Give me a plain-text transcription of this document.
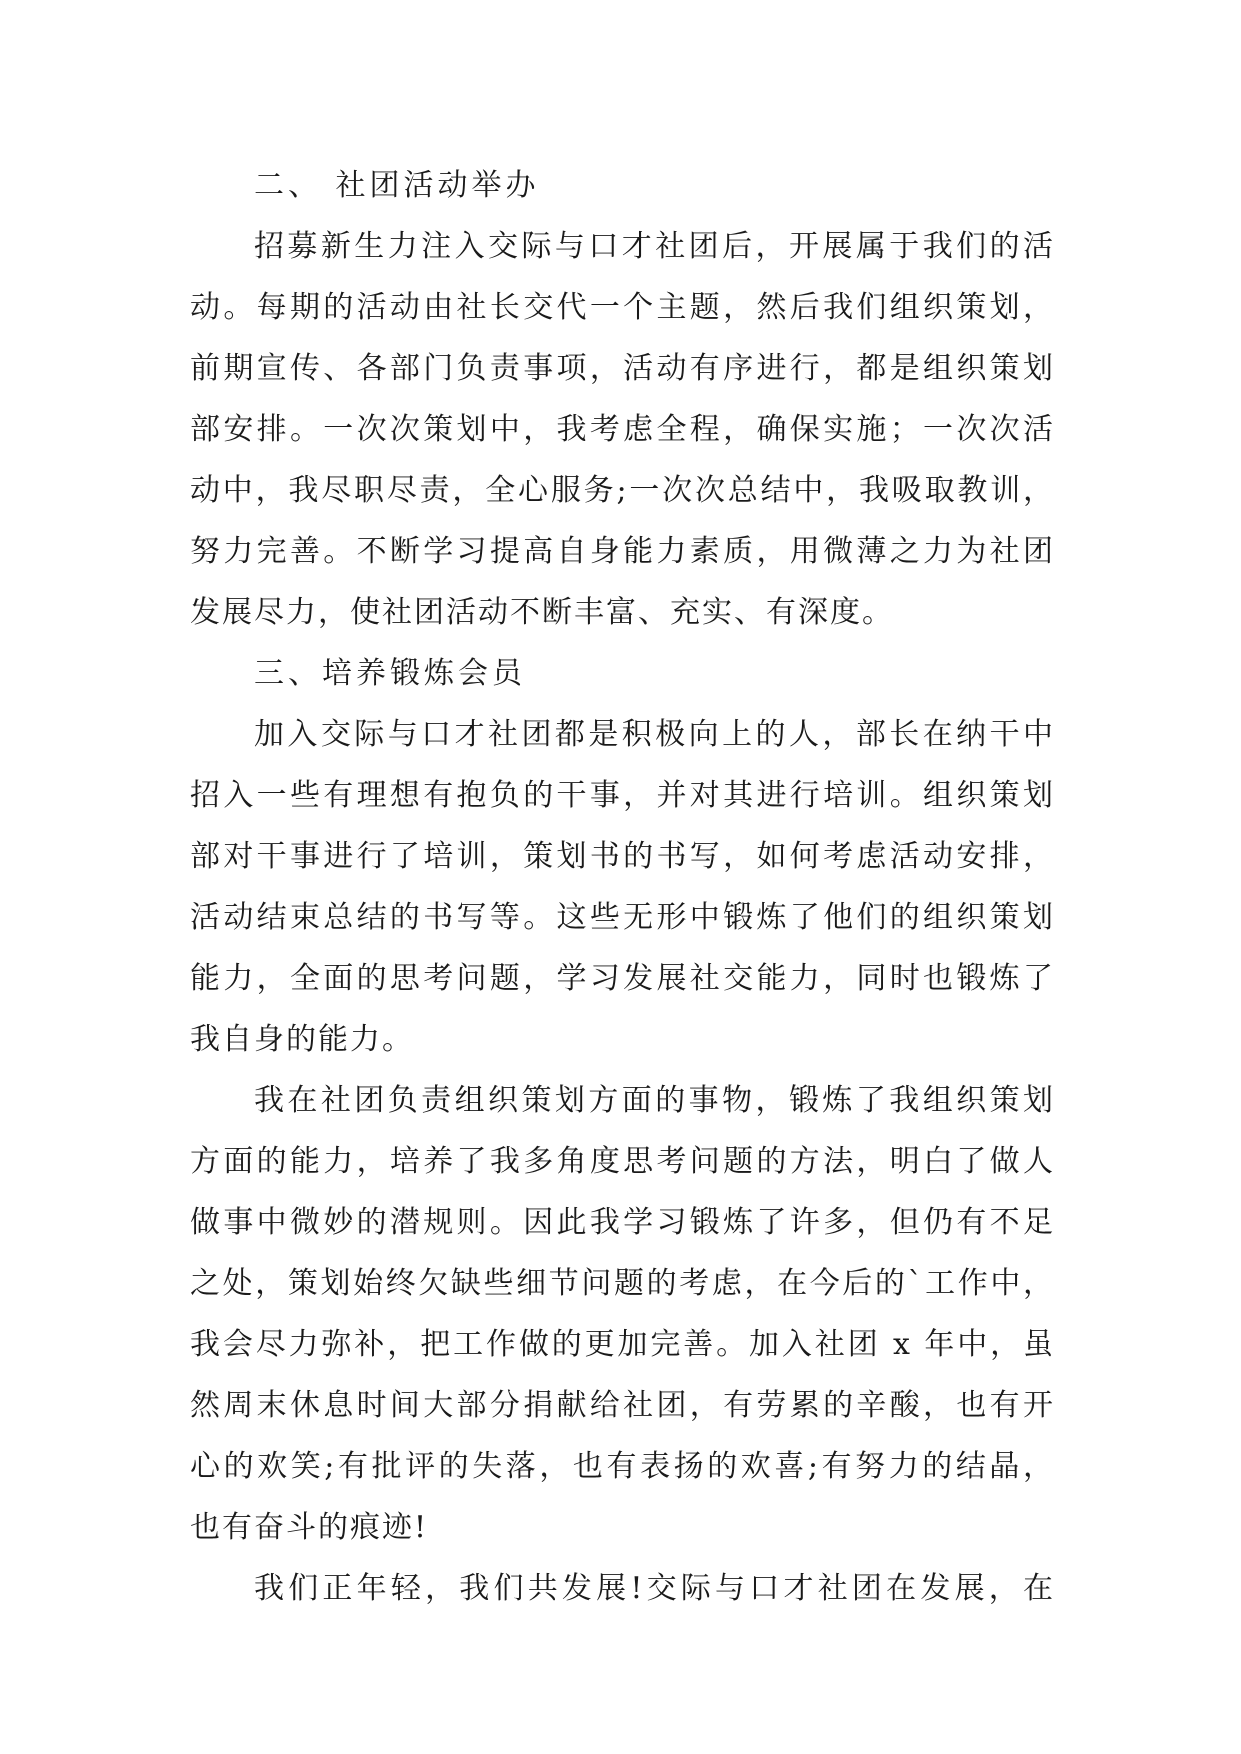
二、 社团活动举办
招募新生力注入交际与口才社团后，开展属于我们的活
动。每期的活动由社长交代一个主题，然后我们组织策划，
前期宣传、各部门负责事项，活动有序进行，都是组织策划
部安排。一次次策划中，我考虑全程，确保实施；一次次活
动中，我尽职尽责，全心服务;一次次总结中，我吸取教训，
努力完善。不断学习提高自身能力素质，用微薄之力为社团
发展尽力，使社团活动不断丰富、充实、有深度。
三、培养锻炼会员
加入交际与口才社团都是积极向上的人，部长在纳干中
招入一些有理想有抱负的干事，并对其进行培训。组织策划
部对干事进行了培训，策划书的书写，如何考虑活动安排，
活动结束总结的书写等。这些无形中锻炼了他们的组织策划
能力，全面的思考问题，学习发展社交能力，同时也锻炼了
我自身的能力。
我在社团负责组织策划方面的事物，锻炼了我组织策划
方面的能力，培养了我多角度思考问题的方法，明白了做人
做事中微妙的潜规则。因此我学习锻炼了许多，但仍有不足
之处，策划始终欠缺些细节问题的考虑，在今后的`工作中，
我会尽力弥补，把工作做的更加完善。加入社团 x 年中，虽
然周末休息时间大部分捐献给社团，有劳累的辛酸，也有开
心的欢笑;有批评的失落，也有表扬的欢喜;有努力的结晶，
也有奋斗的痕迹!
我们正年轻，我们共发展!交际与口才社团在发展，在
